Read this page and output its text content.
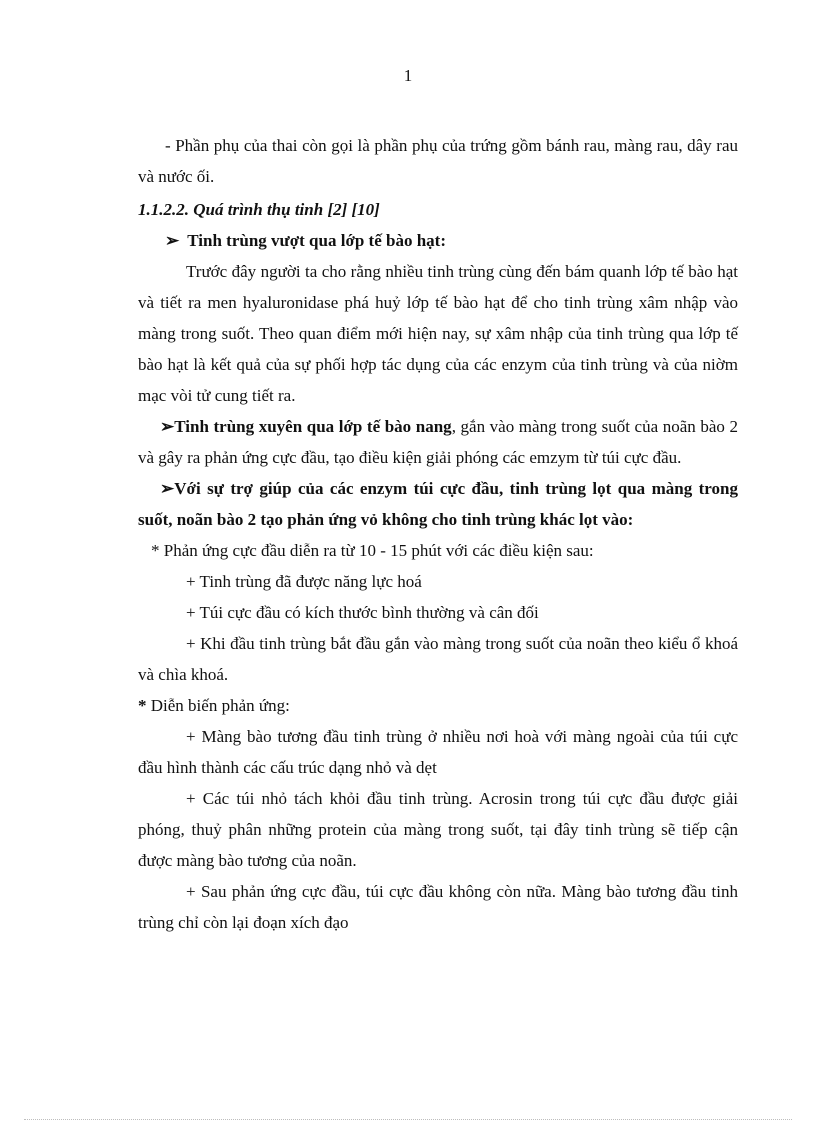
1

- Phần phụ của thai còn gọi là phần phụ của trứng gồm bánh rau, màng rau, dây rau và nước ối.

1.1.2.2. Quá trình thụ tinh [2] [10]

➢ Tinh trùng vượt qua lớp tế bào hạt:

Trước đây người ta cho rằng nhiều tinh trùng cùng đến bám quanh lớp tế bào hạt và tiết ra men hyaluronidase phá huỷ lớp tế bào hạt để cho tinh trùng xâm nhập vào màng trong suốt. Theo quan điểm mới hiện nay, sự xâm nhập của tinh trùng qua lớp tế bào hạt là kết quả của sự phối hợp tác dụng của các enzym của tinh trùng và của niờm mạc vòi tử cung tiết ra.

➢Tinh trùng xuyên qua lớp tế bào nang, gắn vào màng trong suốt của noãn bào 2 và gây ra phản ứng cực đầu, tạo điều kiện giải phóng các emzym từ túi cực đầu.

➢Với sự trợ giúp của các enzym túi cực đầu, tinh trùng lọt qua màng trong suốt, noãn bào 2 tạo phản ứng vỏ không cho tinh trùng khác lọt vào:

* Phản ứng cực đầu diễn ra từ 10 - 15 phút với các điều kiện sau:

+ Tinh trùng đã được năng lực hoá

+ Túi cực đầu có kích thước bình thường và cân đối

+ Khi đầu tinh trùng bắt đầu gắn vào màng trong suốt của noãn theo kiểu ổ khoá và chìa khoá.

* Diễn biến phản ứng:

+ Màng bào tương đầu tinh trùng ở nhiều nơi hoà với màng ngoài của túi cực đầu hình thành các cấu trúc dạng nhỏ và dẹt

+ Các túi nhỏ tách khỏi đầu tinh trùng. Acrosin trong túi cực đầu được giải phóng, thuỷ phân những protein của màng trong suốt, tại đây tinh trùng sẽ tiếp cận được màng bào tương của noãn.

+ Sau phản ứng cực đầu, túi cực đầu không còn nữa. Màng bào tương đầu tinh trùng chỉ còn lại đoạn xích đạo
